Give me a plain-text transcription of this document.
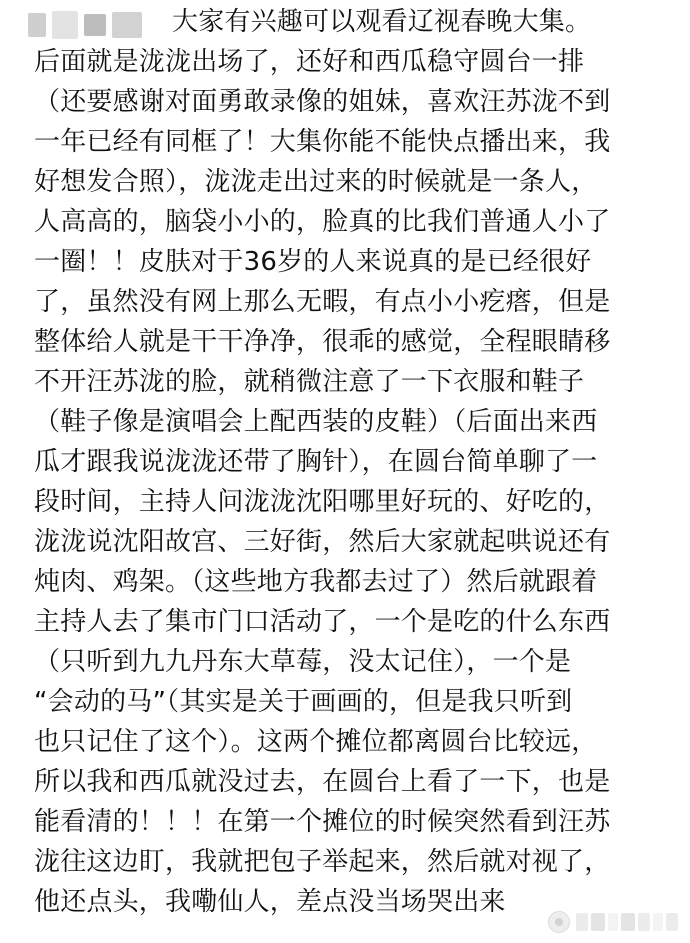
大家有兴趣可以观看辽视春晚大集。
后面就是泷泷出场了，还好和西瓜稳守圆台一排
（还要感谢对面勇敢录像的姐妹，喜欢汪苏泷不到
一年已经有同框了！大集你能不能快点播出来，我
好想发合照），泷泷走出过来的时候就是一条人，
人高高的，脑袋小小的，脸真的比我们普通人小了
一圈！！皮肤对于36岁的人来说真的是已经很好
了，虽然没有网上那么无暇，有点小小疙瘩，但是
整体给人就是干干净净，很乖的感觉，全程眼睛移
不开汪苏泷的脸，就稍微注意了一下衣服和鞋子
（鞋子像是演唱会上配西装的皮鞋）（后面出来西
瓜才跟我说泷泷还带了胸针），在圆台简单聊了一
段时间，主持人问泷泷沈阳哪里好玩的、好吃的，
泷泷说沈阳故宫、三好街，然后大家就起哄说还有
炖肉、鸡架。（这些地方我都去过了）然后就跟着
主持人去了集市门口活动了，一个是吃的什么东西
（只听到九九丹东大草莓，没太记住），一个是
“会动的马”（其实是关于画画的，但是我只听到
也只记住了这个）。这两个摊位都离圆台比较远，
所以我和西瓜就没过去，在圆台上看了一下，也是
能看清的！！！在第一个摊位的时候突然看到汪苏
泷往这边盯，我就把包子举起来，然后就对视了，
他还点头，我嘞仙人，差点没当场哭出来
